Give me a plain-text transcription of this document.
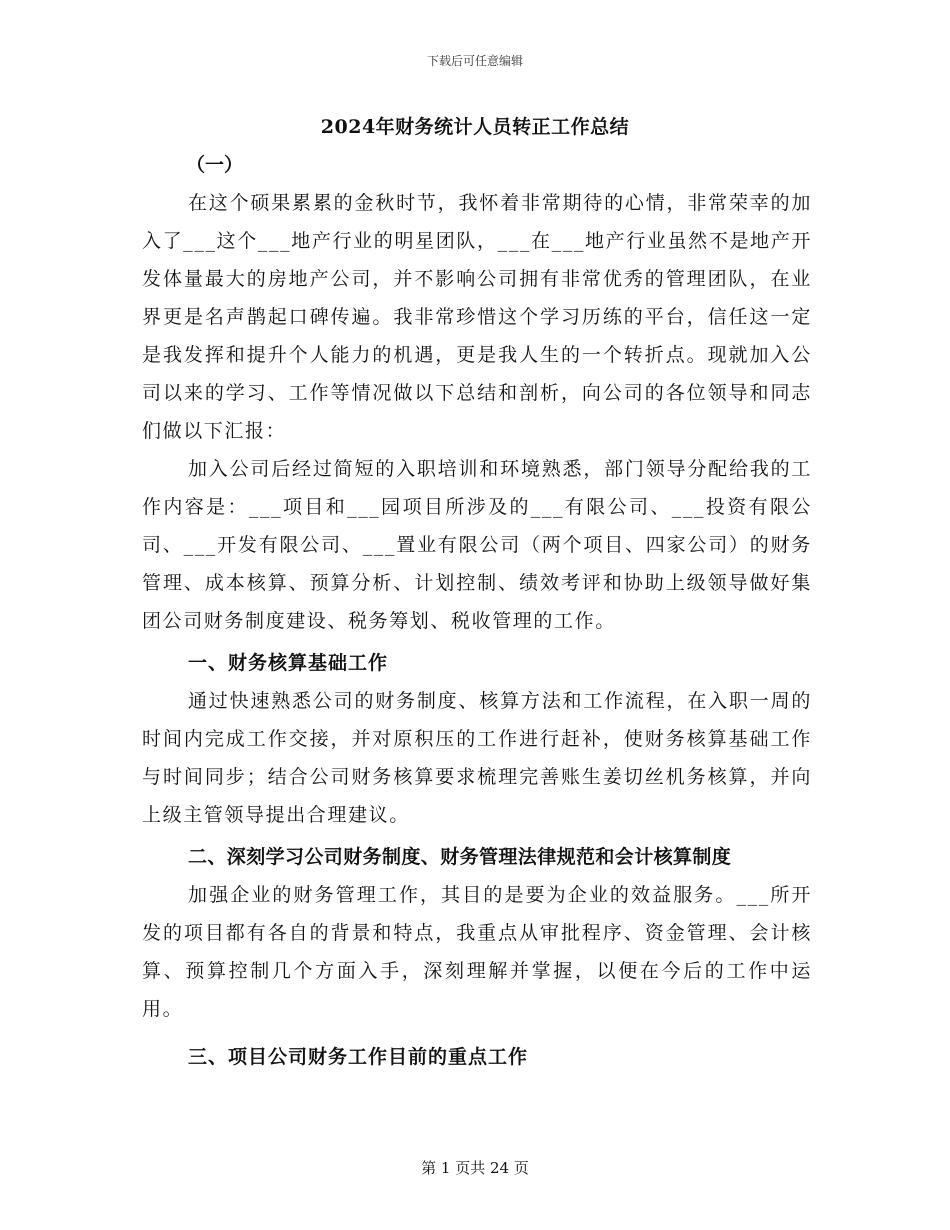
下载后可任意编辑
2024年财务统计人员转正工作总结

（一）

在这个硕果累累的金秋时节，我怀着非常期待的心情，非常荣幸的加入了___这个___地产行业的明星团队，___在___地产行业虽然不是地产开发体量最大的房地产公司，并不影响公司拥有非常优秀的管理团队，在业界更是名声鹊起口碑传遍。我非常珍惜这个学习历练的平台，信任这一定是我发挥和提升个人能力的机遇，更是我人生的一个转折点。现就加入公司以来的学习、工作等情况做以下总结和剖析，向公司的各位领导和同志们做以下汇报：

加入公司后经过简短的入职培训和环境熟悉，部门领导分配给我的工作内容是：___项目和___园项目所涉及的___有限公司、___投资有限公司、___开发有限公司、___置业有限公司（两个项目、四家公司）的财务管理、成本核算、预算分析、计划控制、绩效考评和协助上级领导做好集团公司财务制度建设、税务筹划、税收管理的工作。

一、财务核算基础工作

通过快速熟悉公司的财务制度、核算方法和工作流程，在入职一周的时间内完成工作交接，并对原积压的工作进行赶补，使财务核算基础工作与时间同步；结合公司财务核算要求梳理完善账生姜切丝机务核算，并向上级主管领导提出合理建议。

二、深刻学习公司财务制度、财务管理法律规范和会计核算制度

加强企业的财务管理工作，其目的是要为企业的效益服务。___所开发的项目都有各自的背景和特点，我重点从审批程序、资金管理、会计核算、预算控制几个方面入手，深刻理解并掌握，以便在今后的工作中运用。

三、项目公司财务工作目前的重点工作

第 1 页共 24 页
